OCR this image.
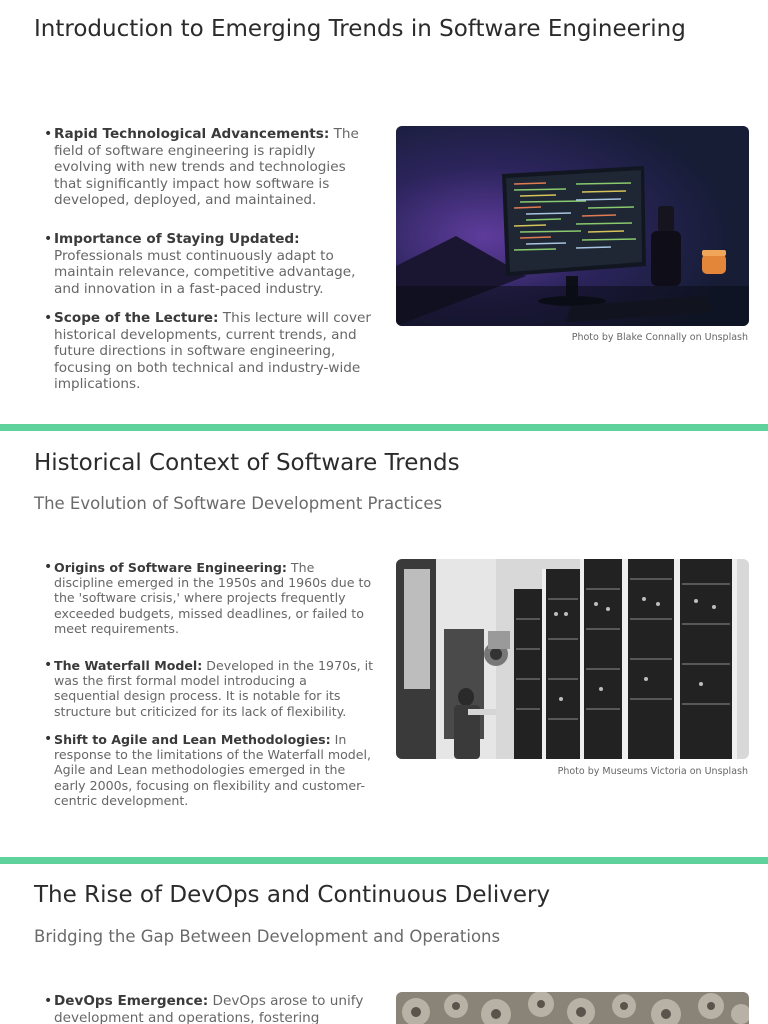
Introduction to Emerging Trends in Software Engineering
• Rapid Technological Advancements: The field of software engineering is rapidly evolving with new trends and technologies that significantly impact how software is developed, deployed, and maintained.
• Importance of Staying Updated: Professionals must continuously adapt to maintain relevance, competitive advantage, and innovation in a fast-paced industry.
• Scope of the Lecture: This lecture will cover historical developments, current trends, and future directions in software engineering, focusing on both technical and industry-wide implications.
Photo by Blake Connally on Unsplash
Historical Context of Software Trends

The Evolution of Software Development Practices

• Origins of Software Engineering: The discipline emerged in the 1950s and 1960s due to the 'software crisis,' where projects frequently exceeded budgets, missed deadlines, or failed to meet requirements.
• The Waterfall Model: Developed in the 1970s, it was the first formal model introducing a sequential design process. It is notable for its structure but criticized for its lack of flexibility.
• Shift to Agile and Lean Methodologies: In response to the limitations of the Waterfall model, Agile and Lean methodologies emerged in the early 2000s, focusing on flexibility and customer-centric development.
Photo by Museums Victoria on Unsplash
The Rise of DevOps and Continuous Delivery

Bridging the Gap Between Development and Operations

• DevOps Emergence: DevOps arose to unify development and operations, fostering
